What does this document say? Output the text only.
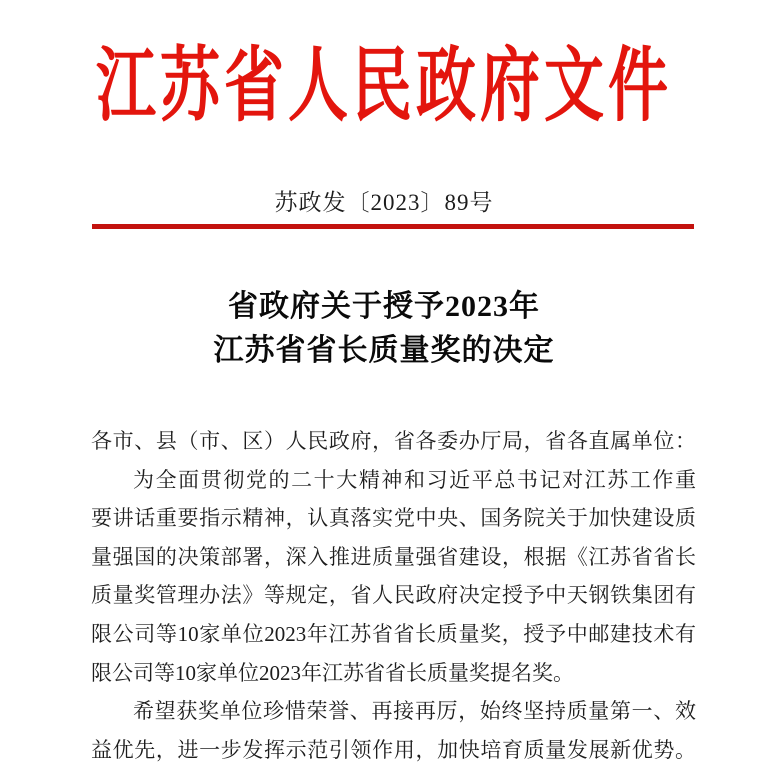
江苏省人民政府文件
苏政发〔2023〕89号
省政府关于授予2023年
江苏省省长质量奖的决定
各市、县（市、区）人民政府，省各委办厅局，省各直属单位：
为全面贯彻党的二十大精神和习近平总书记对江苏工作重
要讲话重要指示精神，认真落实党中央、国务院关于加快建设质
量强国的决策部署，深入推进质量强省建设，根据《江苏省省长
质量奖管理办法》等规定，省人民政府决定授予中天钢铁集团有
限公司等10家单位2023年江苏省省长质量奖，授予中邮建技术有
限公司等10家单位2023年江苏省省长质量奖提名奖。
希望获奖单位珍惜荣誉、再接再厉，始终坚持质量第一、效
益优先，进一步发挥示范引领作用，加快培育质量发展新优势。
